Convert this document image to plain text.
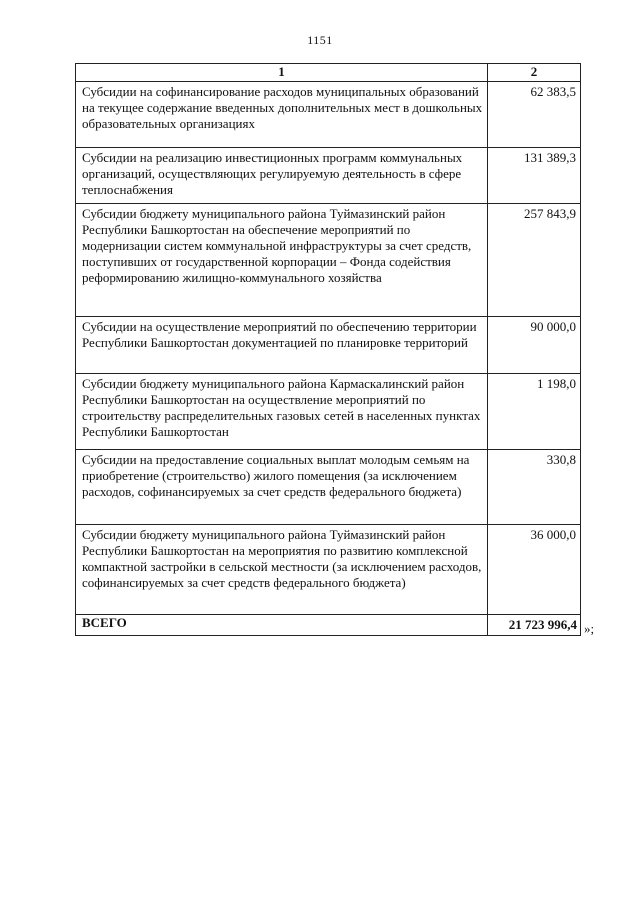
1151
1	2
Субсидии на софинансирование расходов муниципальных образований на текущее содержание введенных дополнительных мест в дошкольных образовательных организациях	62 383,5
Субсидии на реализацию инвестиционных программ коммунальных организаций, осуществляющих регулируемую деятельность в сфере теплоснабжения	131 389,3
Субсидии бюджету муниципального района Туймазинский район Республики Башкортостан на обеспечение мероприятий по модернизации систем коммунальной инфраструктуры за счет средств, поступивших от государственной корпорации – Фонда содействия реформированию жилищно-коммунального хозяйства	257 843,9
Субсидии на осуществление мероприятий по обеспечению территории Республики Башкортостан документацией по планировке территорий	90 000,0
Субсидии бюджету муниципального района Кармаскалинский район Республики Башкортостан на осуществление мероприятий по строительству распределительных газовых сетей в населенных пунктах Республики Башкортостан	1 198,0
Субсидии на предоставление социальных выплат молодым семьям на приобретение (строительство) жилого помещения (за исключением расходов, софинансируемых за счет средств федерального бюджета)	330,8
Субсидии бюджету муниципального района Туймазинский район Республики Башкортостан на мероприятия по развитию комплексной компактной застройки в сельской местности (за исключением расходов, софинансируемых за счет средств федерального бюджета)	36 000,0
ВСЕГО	21 723 996,4 »;
